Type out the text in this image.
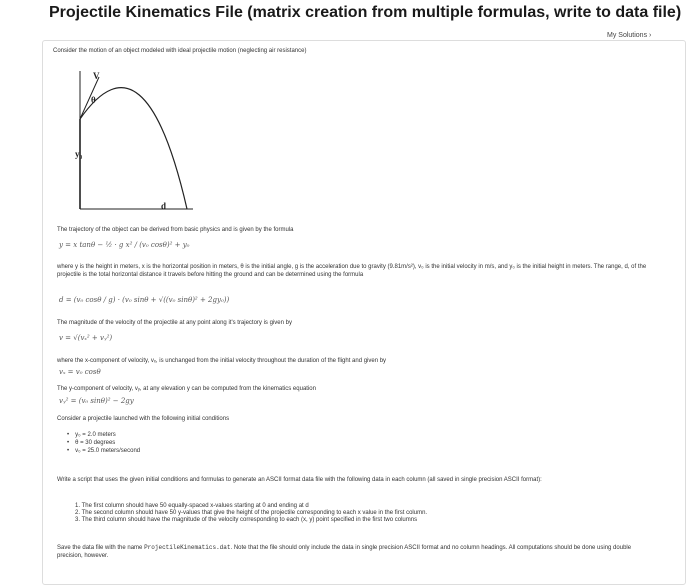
Projectile Kinematics File (matrix creation from multiple formulas, write to data file)
My Solutions ›
Consider the motion of an object modeled with ideal projectile motion (neglecting air resistance)
V
θ
y₀
d
The trajectory of the object can be derived from basic physics and is given by the formula
y = x tanθ − ½ · g x² / (v₀ cosθ)² + y₀
where y is the height in meters, x is the horizontal position in meters, θ is the initial angle, g is the acceleration due to gravity (9.81m/s²), v₀ is the initial velocity in m/s, and y₀ is the initial height in meters. The range, d, of the projectile is the total horizontal distance it travels before hitting the ground and can be determined using the formula
d = (v₀ cosθ / g) · (v₀ sinθ + √((v₀ sinθ)² + 2gy₀))
The magnitude of the velocity of the projectile at any point along it's trajectory is given by
v = √(vₓ² + vᵧ²)
where the x-component of velocity, vₓ, is unchanged from the initial velocity throughout the duration of the flight and given by
vₓ = v₀ cosθ
The y-component of velocity, vᵧ, at any elevation y can be computed from the kinematics equation
vᵧ² = (v₀ sinθ)² − 2gy
Consider a projectile launched with the following initial conditions
• y₀ = 2.0 meters
• θ = 30 degrees
• v₀ = 25.0 meters/second
Write a script that uses the given initial conditions and formulas to generate an ASCII format data file with the following data in each column (all saved in single precision ASCII format):
1. The first column should have 50 equally-spaced x-values starting at 0 and ending at d
2. The second column should have 50 y-values that give the height of the projectile corresponding to each x value in the first column.
3. The third column should have the magnitude of the velocity corresponding to each (x, y) point specified in the first two columns
Save the data file with the name ProjectileKinematics.dat. Note that the file should only include the data in single precision ASCII format and no column headings. All computations should be done using double precision, however.
